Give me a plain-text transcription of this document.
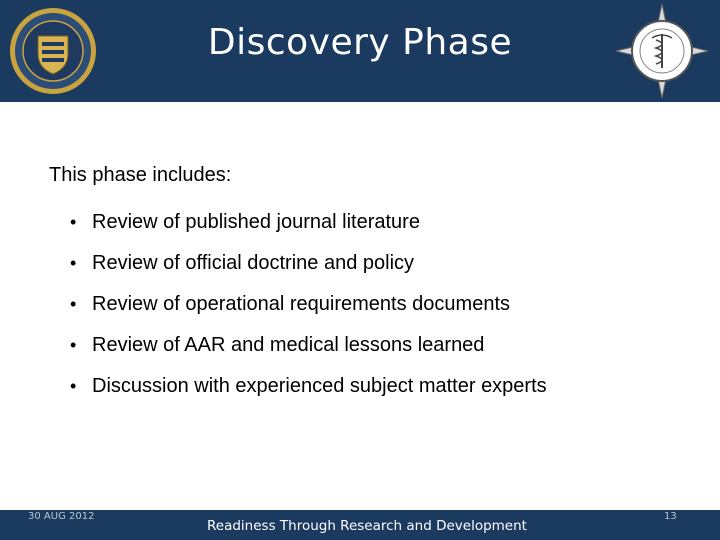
Discovery Phase
This phase includes:
• Review of published journal literature
• Review of official doctrine and policy
• Review of operational requirements documents
• Review of AAR and medical lessons learned
• Discussion with experienced subject matter experts
30 AUG 2012
Readiness Through Research and Development
13
